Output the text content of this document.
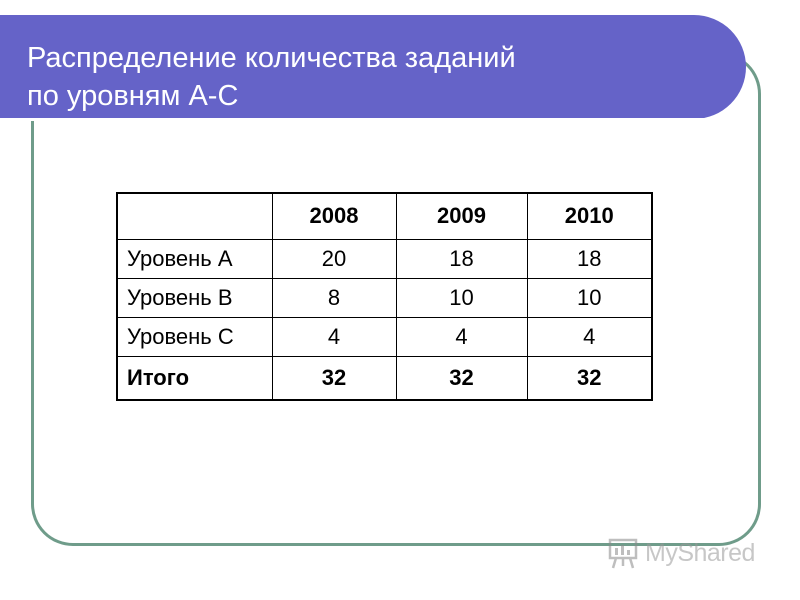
Распределение количества заданий
по уровням А-С
	2008	2009	2010
Уровень А	20	18	18
Уровень В	8	10	10
Уровень С	4	4	4
Итого	32	32	32
MyShared
